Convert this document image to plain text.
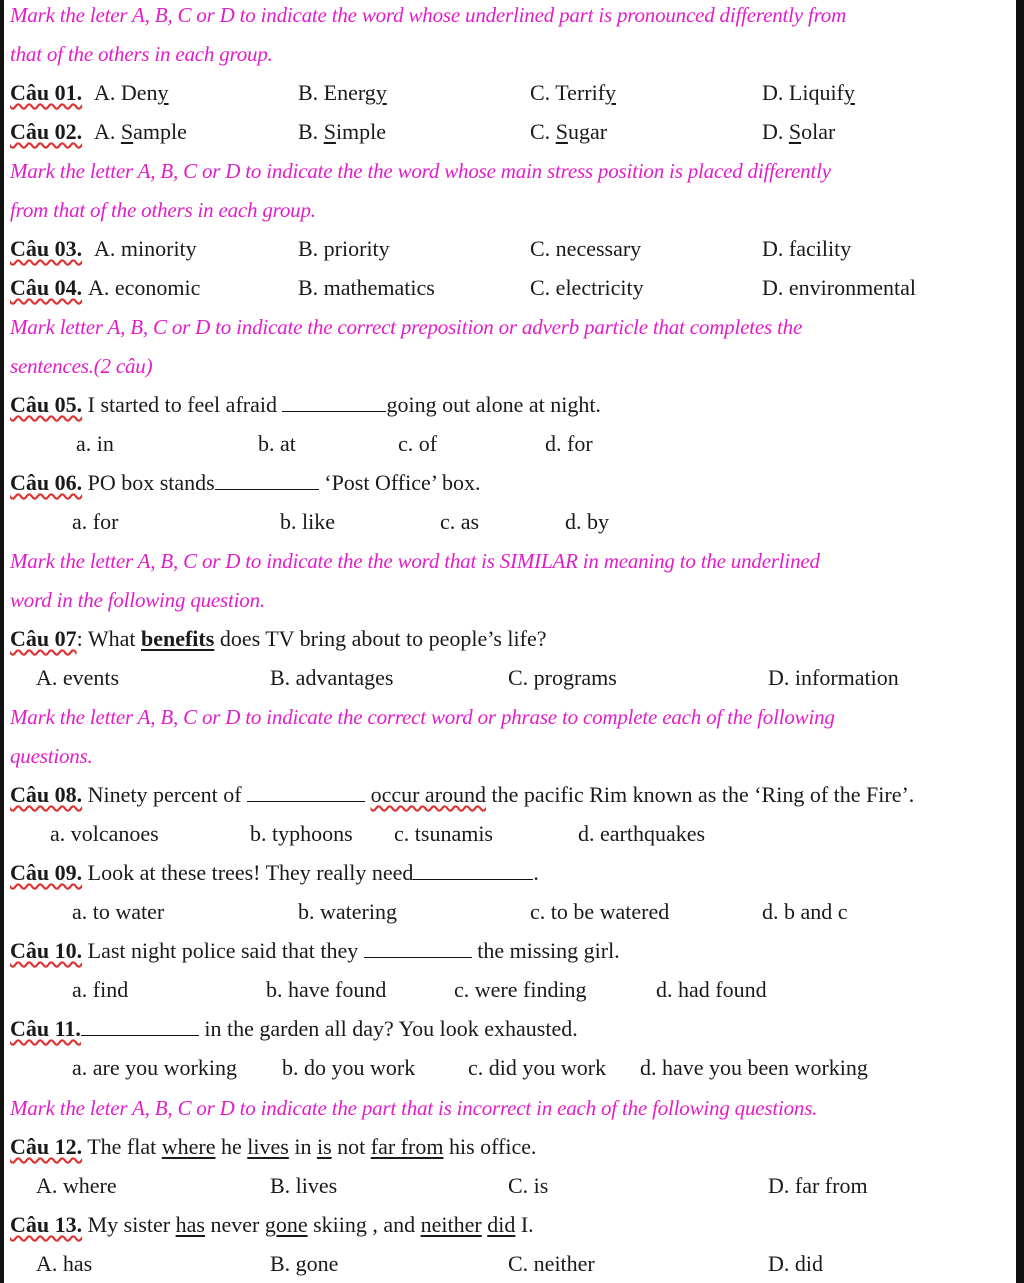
Mark the leter A, B, C or D to indicate the word whose underlined part is pronounced differently from
that of the others in each group.
Câu 01. A. Deny	B. Energy	C. Terrify	D. Liquify
Câu 02. A. Sample	B. Simple	C. Sugar	D. Solar
Mark the letter A, B, C or D to indicate the the word whose main stress position is placed differently
from that of the others in each group.
Câu 03. A. minority	B. priority	C. necessary	D. facility
Câu 04. A. economic	B. mathematics	C. electricity	D. environmental
Mark letter A, B, C or D to indicate the correct preposition or adverb particle that completes the
sentences.(2 câu)
Câu 05. I started to feel afraid	going out alone at night.
a. in	b. at	c. of	d. for
Câu 06. PO box stands	‘Post Office’ box.
a. for	b. like	c. as	d. by
Mark the letter A, B, C or D to indicate the the word that is SIMILAR in meaning to the underlined
word in the following question.
Câu 07: What benefits does TV bring about to people’s life?
A. events	B. advantages	C. programs	D. information
Mark the letter A, B, C or D to indicate the correct word or phrase to complete each of the following
questions.
Câu 08. Ninety percent of	occur around the pacific Rim known as the ‘Ring of the Fire’.
a. volcanoes	b. typhoons c. tsunamis	d. earthquakes
Câu 09. Look at these trees! They really need	.
a. to water	b. watering	c. to be watered	d. b and c
Câu 10. Last night police said that they	the missing girl.
a. find	b. have found	c. were finding	d. had found
Câu 11.	in the garden all day? You look exhausted.
a. are you working b. do you work c. did you work d. have you been working
Mark the leter A, B, C or D to indicate the part that is incorrect in each of the following questions.
Câu 12. The flat where he lives in is not far from his office.
A. where	B. lives	C. is	D. far from
Câu 13. My sister has never gone skiing , and neither did I.
A. has	B. gone	C. neither	D. did
